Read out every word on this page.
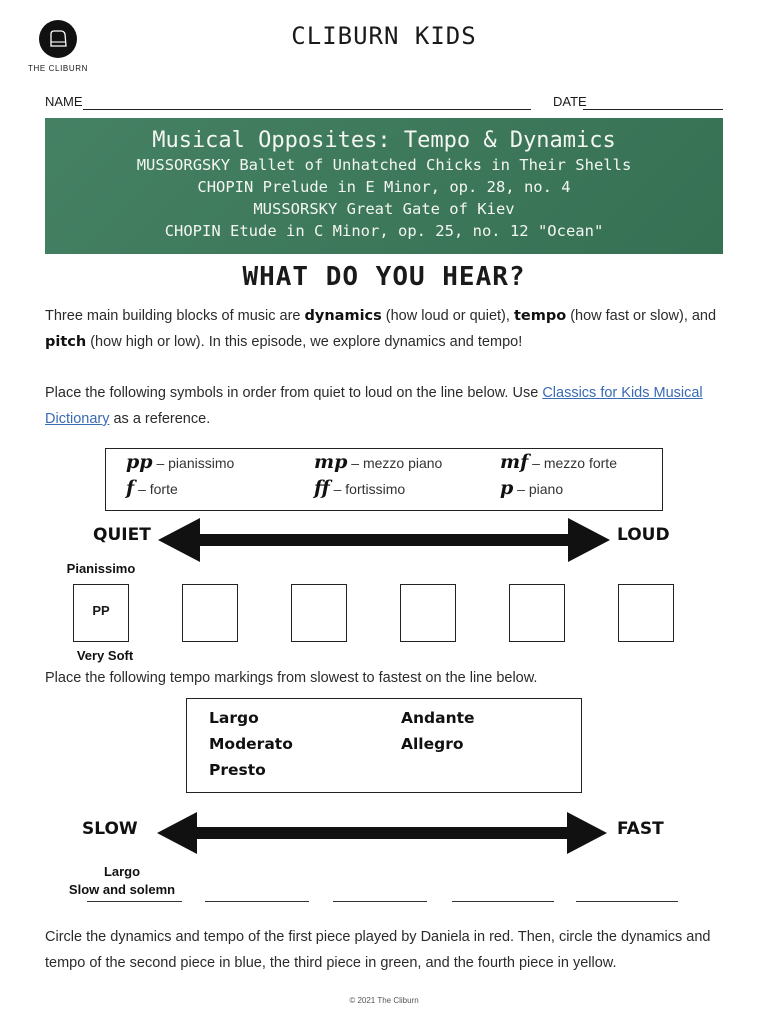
THE CLIBURN
CLIBURN KIDS
NAME	DATE
Musical Opposites: Tempo & Dynamics
MUSSORGSKY Ballet of Unhatched Chicks in Their Shells
CHOPIN Prelude in E Minor, op. 28, no. 4
MUSSORSKY Great Gate of Kiev
CHOPIN Etude in C Minor, op. 25, no. 12 "Ocean"
WHAT DO YOU HEAR?
Three main building blocks of music are dynamics (how loud or quiet), tempo (how fast or slow), and pitch (how high or low). In this episode, we explore dynamics and tempo!
Place the following symbols in order from quiet to loud on the line below. Use Classics for Kids Musical Dictionary as a reference.
pp – pianissimo	mp – mezzo piano	mf – mezzo forte
f – forte	ff – fortissimo	p – piano
QUIET	LOUD
Pianissimo
PP
Very Soft
Place the following tempo markings from slowest to fastest on the line below.
Largo	Andante
Moderato	Allegro
Presto
SLOW	FAST
Largo
Slow and solemn
Circle the dynamics and tempo of the first piece played by Daniela in red. Then, circle the dynamics and tempo of the second piece in blue, the third piece in green, and the fourth piece in yellow.
© 2021 The Cliburn
